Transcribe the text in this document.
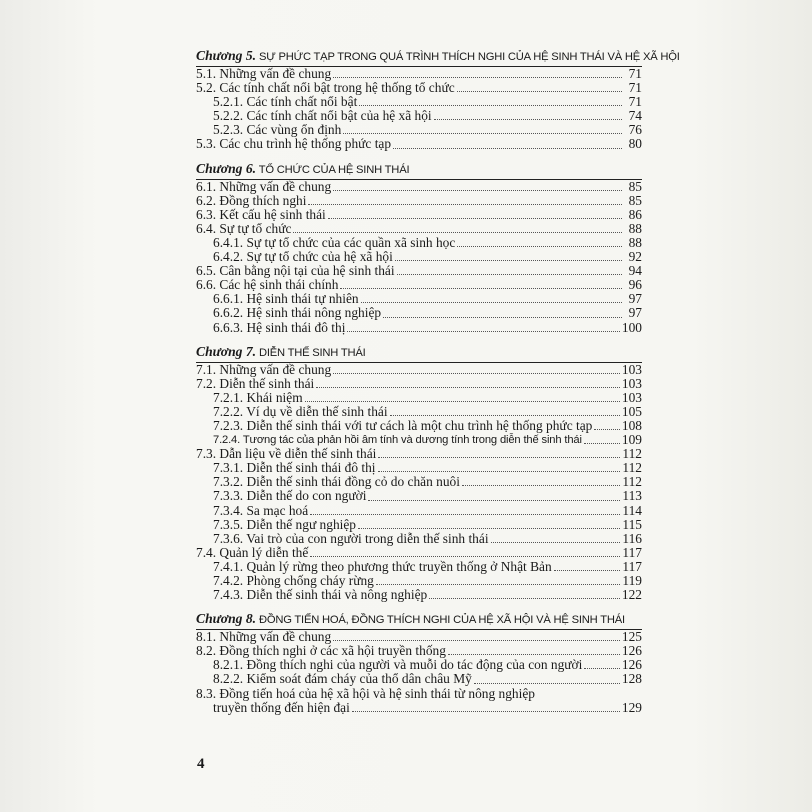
Chương 5. SỰ PHỨC TẠP TRONG QUÁ TRÌNH THÍCH NGHI CỦA HỆ SINH THÁI VÀ HỆ XÃ HỘI
5.1. Những vấn đề chung	71
5.2. Các tính chất nổi bật trong hệ thống tổ chức	71
5.2.1. Các tính chất nổi bật	71
5.2.2. Các tính chất nổi bật của hệ xã hội	74
5.2.3. Các vùng ổn định	76
5.3. Các chu trình hệ thống phức tạp	80
Chương 6. TỔ CHỨC CỦA HỆ SINH THÁI
6.1. Những vấn đề chung	85
6.2. Đồng thích nghi	85
6.3. Kết cấu hệ sinh thái	86
6.4. Sự tự tổ chức	88
6.4.1. Sự tự tổ chức của các quần xã sinh học	88
6.4.2. Sự tự tổ chức của hệ xã hội	92
6.5. Cân bằng nội tại của hệ sinh thái	94
6.6. Các hệ sinh thái chính	96
6.6.1. Hệ sinh thái tự nhiên	97
6.6.2. Hệ sinh thái nông nghiệp	97
6.6.3. Hệ sinh thái đô thị	100
Chương 7. DIỄN THẾ SINH THÁI
7.1. Những vấn đề chung	103
7.2. Diễn thế sinh thái	103
7.2.1. Khái niệm	103
7.2.2. Ví dụ về diễn thế sinh thái	105
7.2.3. Diễn thế sinh thái với tư cách là một chu trình hệ thống phức tạp 108
7.2.4. Tương tác của phản hồi âm tính và dương tính trong diễn thế sinh thái	109
7.3. Dẫn liệu về diễn thế sinh thái	112
7.3.1. Diễn thế sinh thái đô thị	112
7.3.2. Diễn thế sinh thái đồng cỏ do chăn nuôi	112
7.3.3. Diễn thế do con người	113
7.3.4. Sa mạc hoá	114
7.3.5. Diễn thế ngư nghiệp	115
7.3.6. Vai trò của con người trong diễn thế sinh thái	116
7.4. Quản lý diễn thế	117
7.4.1. Quản lý rừng theo phương thức truyền thống ở Nhật Bản	117
7.4.2. Phòng chống cháy rừng	119
7.4.3. Diễn thế sinh thái và nông nghiệp	122
Chương 8. ĐỒNG TIẾN HOÁ, ĐỒNG THÍCH NGHI CỦA HỆ XÃ HỘI VÀ HỆ SINH THÁI
8.1. Những vấn đề chung	125
8.2. Đồng thích nghi ở các xã hội truyền thống	126
8.2.1. Đồng thích nghi của người và muỗi do tác động của con người	126
8.2.2. Kiểm soát đám cháy của thổ dân châu Mỹ	128
8.3. Đồng tiến hoá của hệ xã hội và hệ sinh thái từ nông nghiệp
truyền thống đến hiện đại	129
4
